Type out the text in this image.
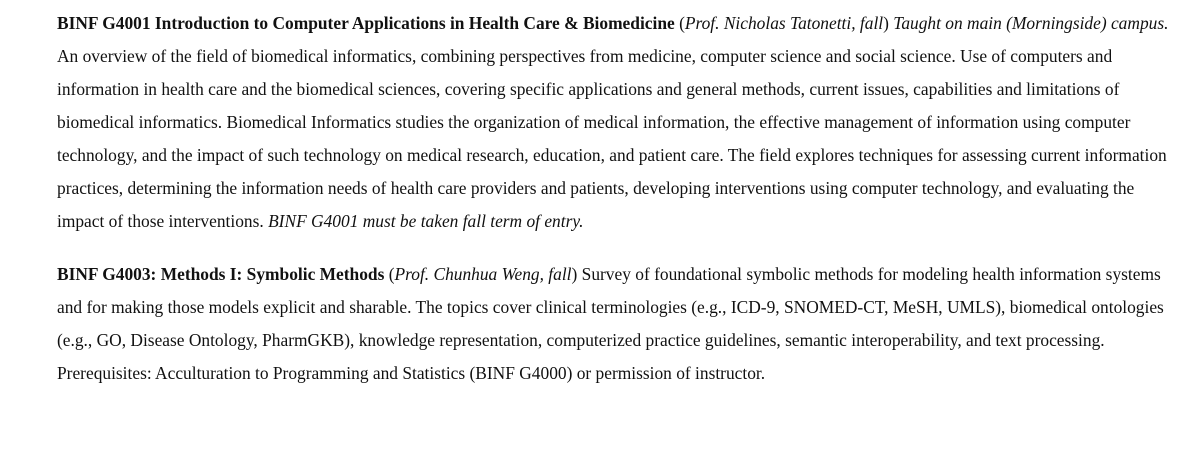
BINF G4001 Introduction to Computer Applications in Health Care & Biomedicine (Prof. Nicholas Tatonetti, fall) Taught on main (Morningside) campus. An overview of the field of biomedical informatics, combining perspectives from medicine, computer science and social science. Use of computers and information in health care and the biomedical sciences, covering specific applications and general methods, current issues, capabilities and limitations of biomedical informatics. Biomedical Informatics studies the organization of medical information, the effective management of information using computer technology, and the impact of such technology on medical research, education, and patient care. The field explores techniques for assessing current information practices, determining the information needs of health care providers and patients, developing interventions using computer technology, and evaluating the impact of those interventions. BINF G4001 must be taken fall term of entry.

BINF G4003: Methods I: Symbolic Methods (Prof. Chunhua Weng, fall) Survey of foundational symbolic methods for modeling health information systems and for making those models explicit and sharable. The topics cover clinical terminologies (e.g., ICD-9, SNOMED-CT, MeSH, UMLS), biomedical ontologies (e.g., GO, Disease Ontology, PharmGKB), knowledge representation, computerized practice guidelines, semantic interoperability, and text processing. Prerequisites: Acculturation to Programming and Statistics (BINF G4000) or permission of instructor.
